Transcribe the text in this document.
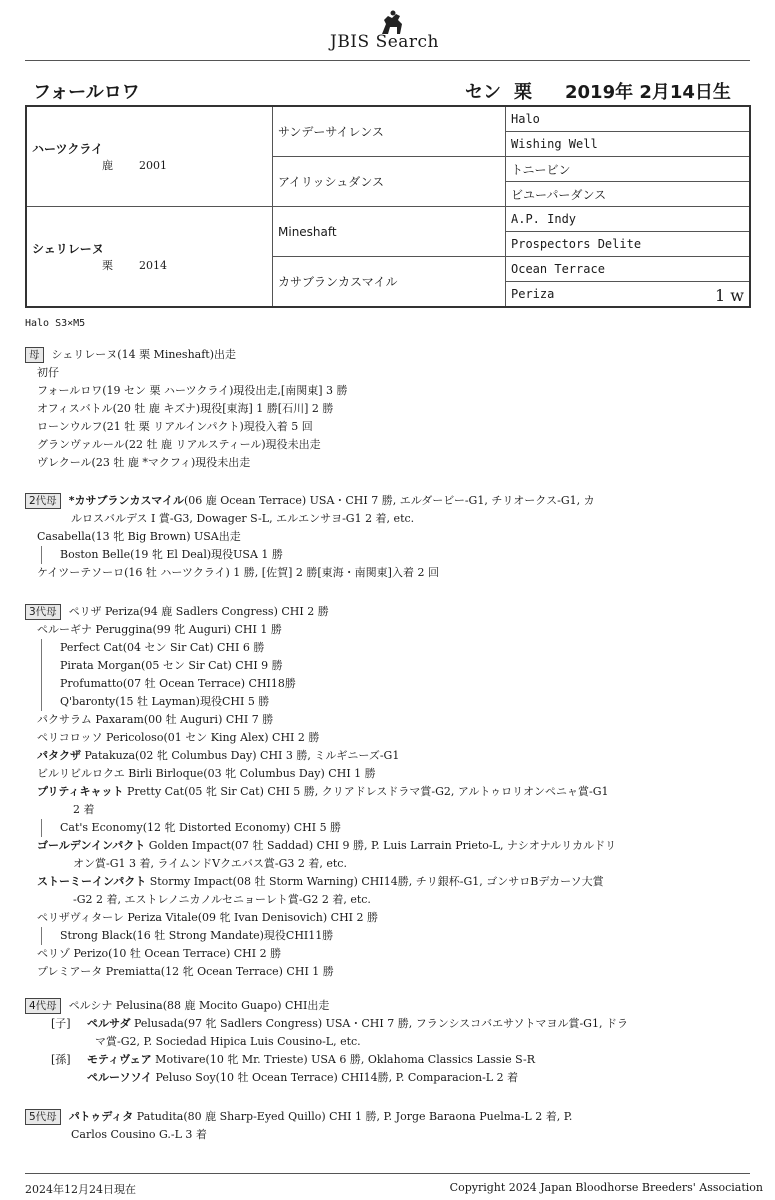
JBIS Search
フォールロワ	セン 栗 2019年 2月14日生
ハーツクライ
鹿 2001	サンデーサイレンス	Halo
		Wishing Well
	アイリッシュダンス	トニービン
		ビユーパーダンス

シェリレーヌ
栗 2014	Mineshaft	A.P. Indy
		Prospectors Delite
	カサブランカスマイル	Ocean Terrace
		Periza 1 w
Halo S3×M5
母 シェリレーヌ(14 栗 Mineshaft)出走
初仔
フォールロワ(19 セン 栗 ハーツクライ)現役出走,[南関東] 3 勝
オフィスバトル(20 牡 鹿 キズナ)現役[東海] 1 勝[石川] 2 勝
ローンウルフ(21 牡 栗 リアルインパクト)現役入着 5 回
グランヴァルール(22 牡 鹿 リアルスティール)現役未出走
ヴレクール(23 牡 鹿 *マクフィ)現役未出走
2代母 *カサブランカスマイル(06 鹿 Ocean Terrace) USA・CHI 7 勝, エルダービー-G1, チリオークス-G1, カ
ルロスバルデス I 賞-G3, Dowager S-L, エルエンサヨ-G1 2 着, etc.
Casabella(13 牝 Big Brown) USA出走
Boston Belle(19 牝 El Deal)現役USA 1 勝
ケイツーテソーロ(16 牡 ハーツクライ) 1 勝, [佐賀] 2 勝[東海・南関東]入着 2 回
3代母 ペリザ Periza(94 鹿 Sadlers Congress) CHI 2 勝
ペルーギナ Peruggina(99 牝 Auguri) CHI 1 勝
Perfect Cat(04 セン Sir Cat) CHI 6 勝
Pirata Morgan(05 セン Sir Cat) CHI 9 勝
Profumatto(07 牡 Ocean Terrace) CHI18勝
Q'baronty(15 牡 Layman)現役CHI 5 勝
パクサラム Paxaram(00 牡 Auguri) CHI 7 勝
ペリコロッソ Pericoloso(01 セン King Alex) CHI 2 勝
パタクザ Patakuza(02 牝 Columbus Day) CHI 3 勝, ミルギニーズ-G1
ビルリビルロクエ Birli Birloque(03 牝 Columbus Day) CHI 1 勝
プリティキャット Pretty Cat(05 牝 Sir Cat) CHI 5 勝, クリアドレスドラマ賞-G2, アルトゥロリオンペニャ賞-G1
2 着
Cat's Economy(12 牝 Distorted Economy) CHI 5 勝
ゴールデンインパクト Golden Impact(07 牡 Saddad) CHI 9 勝, P. Luis Larrain Prieto-L, ナシオナルリカルドリ
オン賞-G1 3 着, ライムンドVクエバス賞-G3 2 着, etc.
ストーミーインパクト Stormy Impact(08 牡 Storm Warning) CHI14勝, チリ銀杯-G1, ゴンサロBデカーソ大賞
-G2 2 着, エストレノニカノルセニョーレト賞-G2 2 着, etc.
ペリザヴィターレ Periza Vitale(09 牝 Ivan Denisovich) CHI 2 勝
Strong Black(16 牡 Strong Mandate)現役CHI11勝
ペリゾ Perizo(10 牡 Ocean Terrace) CHI 2 勝
プレミアータ Premiatta(12 牝 Ocean Terrace) CHI 1 勝
4代母 ペルシナ Pelusina(88 鹿 Mocito Guapo) CHI出走
[子] ペルサダ Pelusada(97 牝 Sadlers Congress) USA・CHI 7 勝, フランシスコバエサソトマヨル賞-G1, ドラ
マ賞-G2, P. Sociedad Hipica Luis Cousino-L, etc.
[孫] モティヴェア Motivare(10 牝 Mr. Trieste) USA 6 勝, Oklahoma Classics Lassie S-R
ペルーソソイ Peluso Soy(10 牡 Ocean Terrace) CHI14勝, P. Comparacion-L 2 着
5代母 パトゥディタ Patudita(80 鹿 Sharp-Eyed Quillo) CHI 1 勝, P. Jorge Baraona Puelma-L 2 着, P.
Carlos Cousino G.-L 3 着
2024年12月24日現在	Copyright 2024 Japan Bloodhorse Breeders' Association
